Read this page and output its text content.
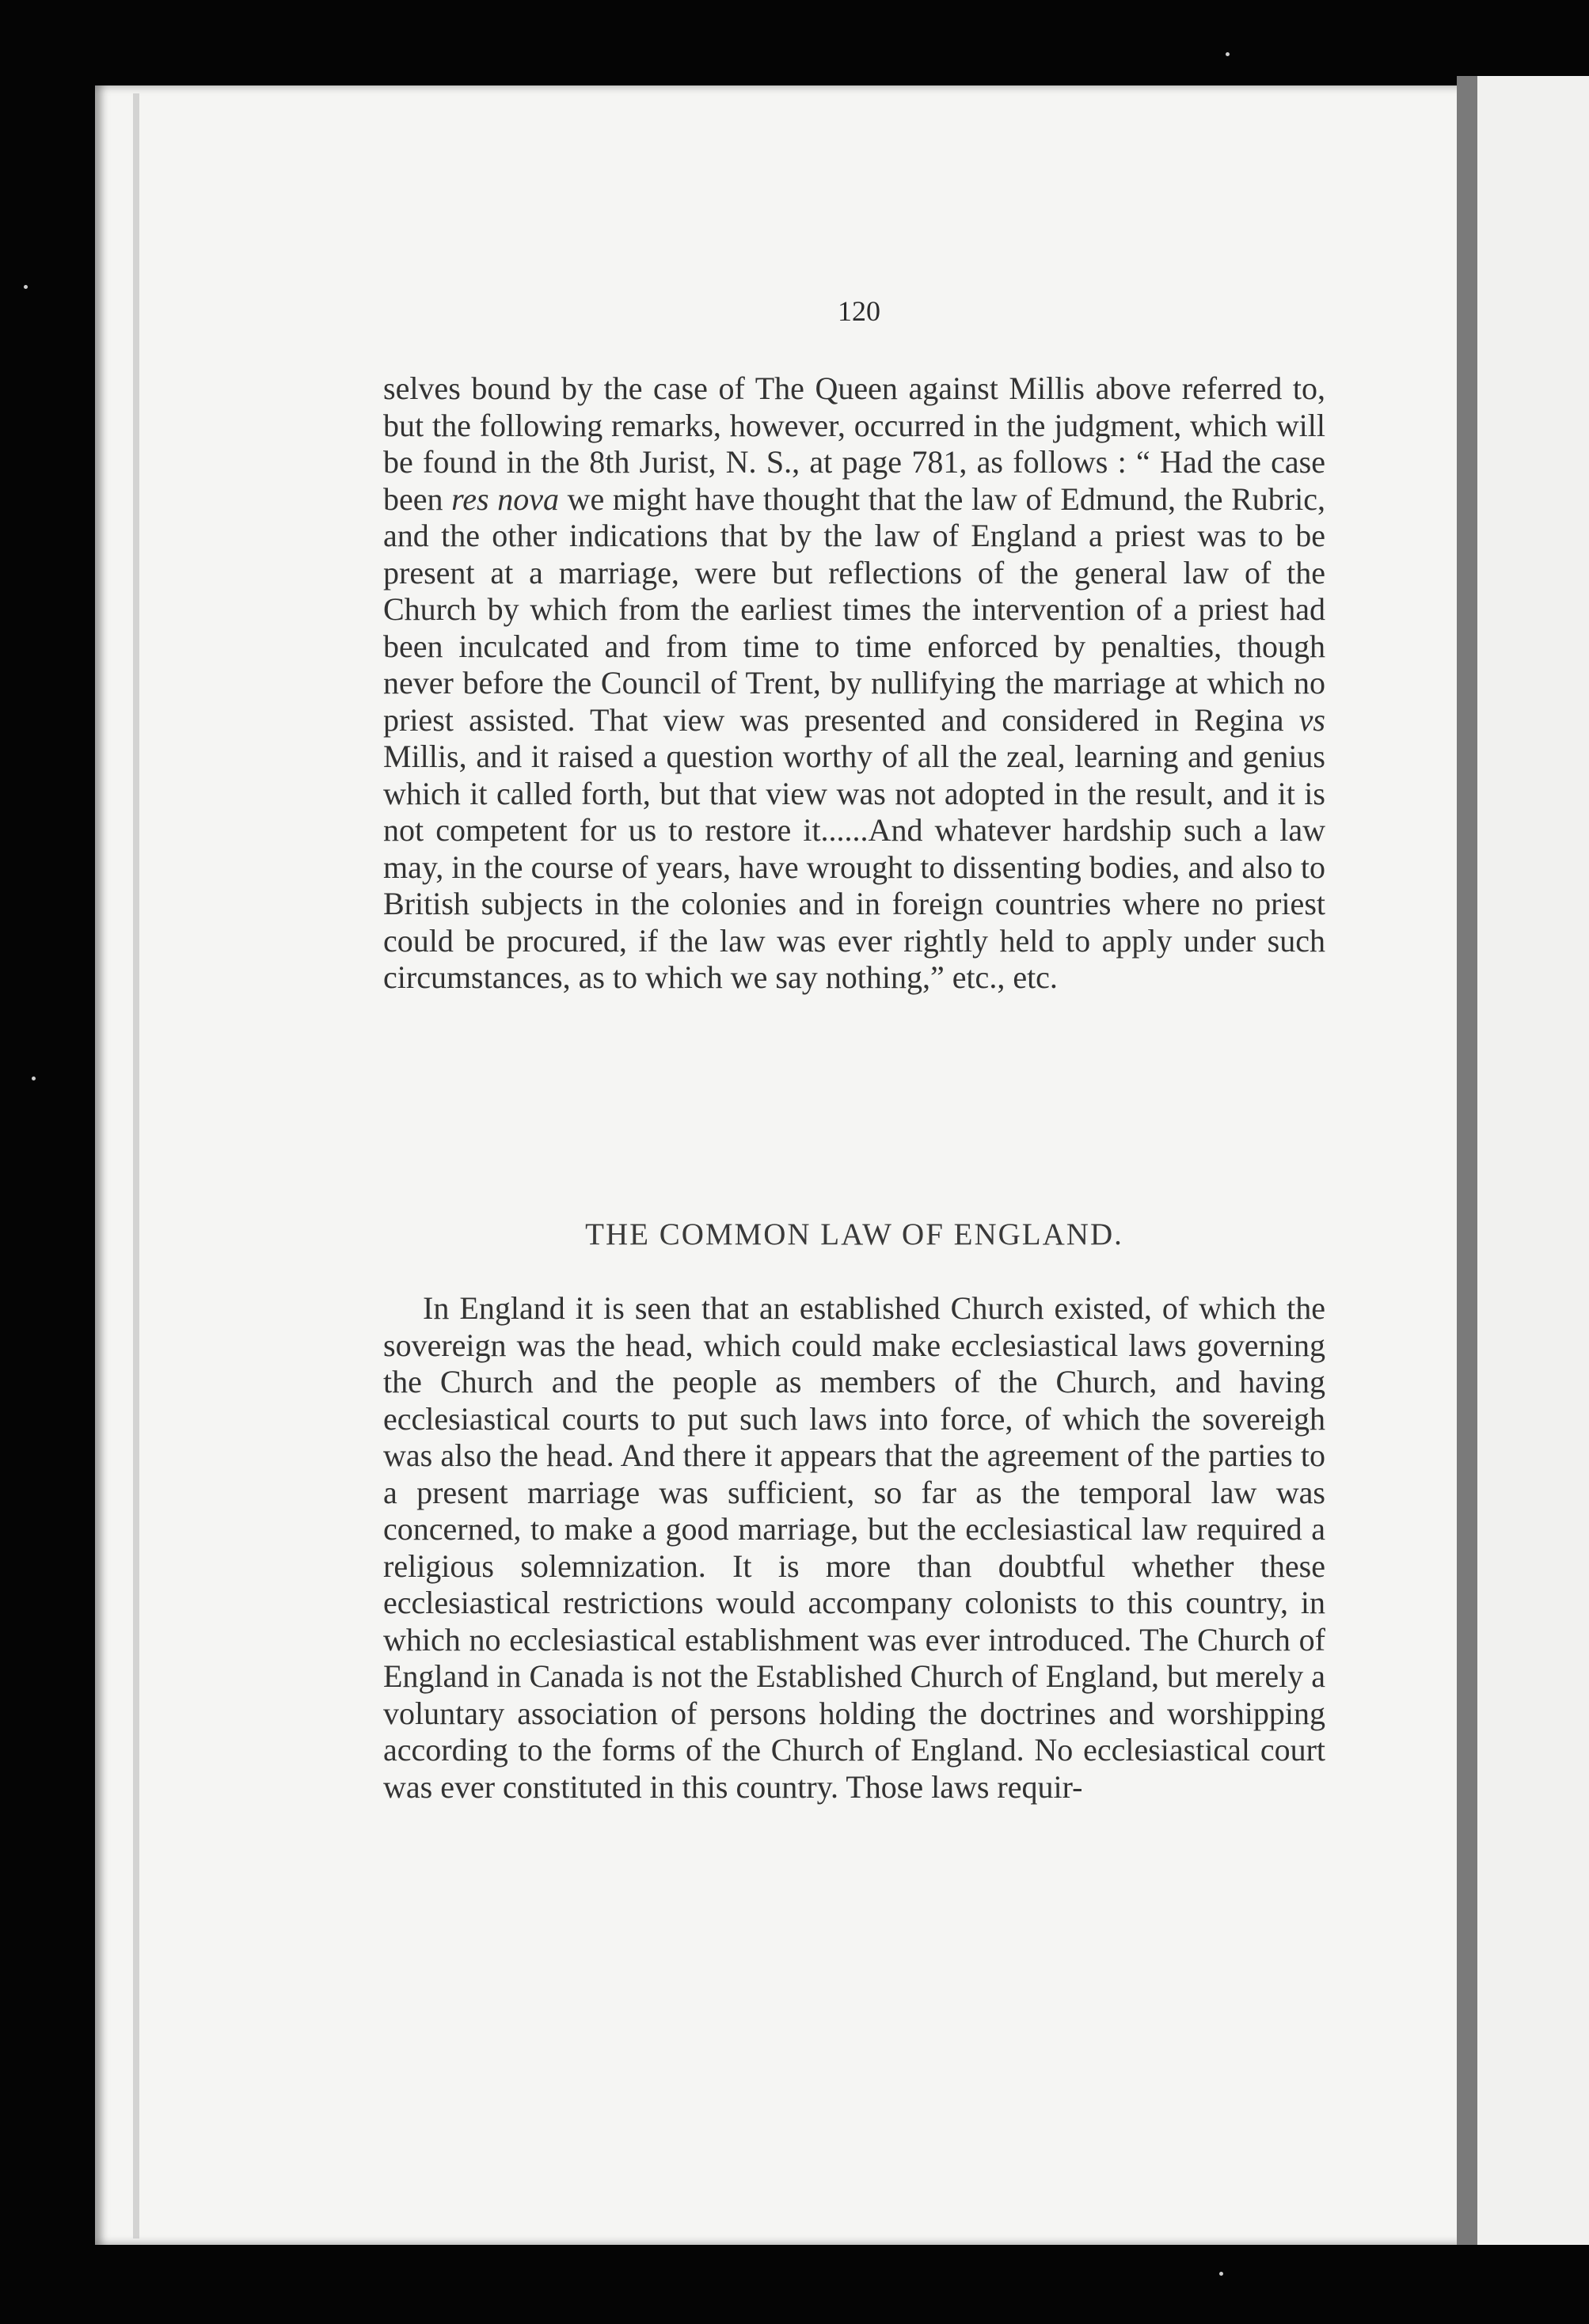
120

selves bound by the case of The Queen against Millis above referred to, but the following remarks, however, occurred in the judgment, which will be found in the 8th Jurist, N. S., at page 781, as follows : “ Had the case been res nova we might have thought that the law of Edmund, the Rubric, and the other indications that by the law of England a priest was to be present at a marriage, were but reflections of the general law of the Church by which from the earliest times the intervention of a priest had been inculcated and from time to time enforced by penalties, though never before the Council of Trent, by nullifying the marriage at which no priest assisted. That view was presented and considered in Regina vs Millis, and it raised a question worthy of all the zeal, learning and genius which it called forth, but that view was not adopted in the result, and it is not competent for us to restore it......And whatever hardship such a law may, in the course of years, have wrought to dissenting bodies, and also to British subjects in the colonies and in foreign countries where no priest could be procured, if the law was ever rightly held to apply under such circumstances, as to which we say nothing,” etc., etc.

THE COMMON LAW OF ENGLAND.

In England it is seen that an established Church existed, of which the sovereign was the head, which could make ecclesiastical laws governing the Church and the people as members of the Church, and having ecclesiastical courts to put such laws into force, of which the sovereigh was also the head. And there it appears that the agreement of the parties to a present marriage was sufficient, so far as the temporal law was concerned, to make a good marriage, but the ecclesiastical law required a religious solemnization. It is more than doubtful whether these ecclesiastical restrictions would accompany colonists to this country, in which no ecclesiastical establishment was ever introduced. The Church of England in Canada is not the Established Church of England, but merely a voluntary association of persons holding the doctrines and worshipping according to the forms of the Church of England. No ecclesiastical court was ever constituted in this country. Those laws requir-
